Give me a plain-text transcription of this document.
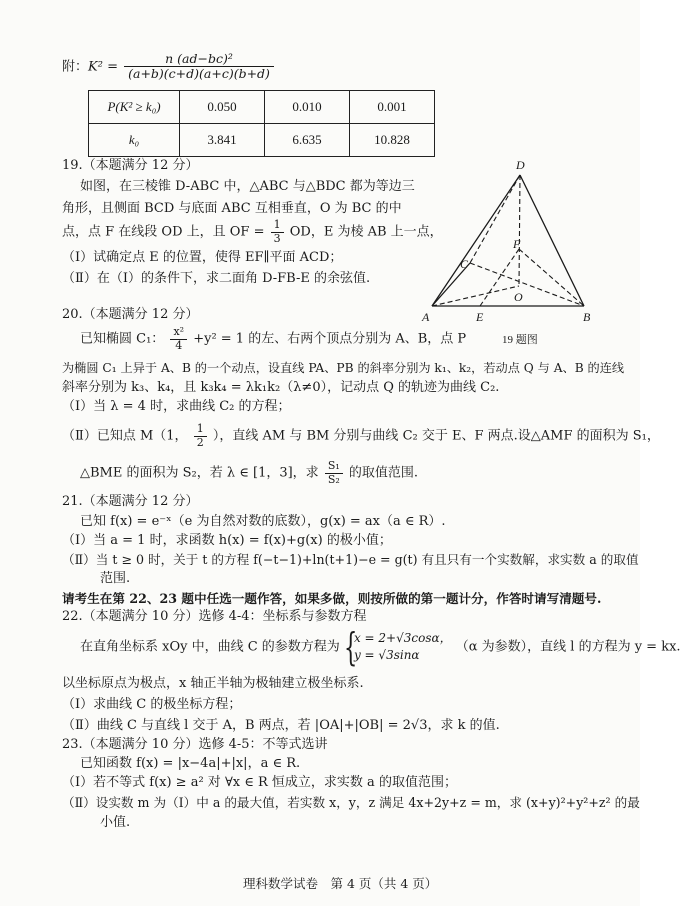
附：$K^2 = \frac{\text{n (ad−bc)²}}{(a+b)(c+d)(a+c)(b+d)}$
P(K² ≥ k₀)	0.050	0.010	0.001
k₀	3.841	6.635	10.828
19.（本题满分 12 分）
如图，在三棱锥 D-ABC 中，△ABC 与△BDC 都为等边三
角形，且侧面 BCD 与底面 ABC 互相垂直，O 为 BC 的中
点，点 F 在线段 OD 上，且 OF = $\frac{1}{3}$ OD，E 为棱 AB 上一点，
（Ⅰ）试确定点 E 的位置，使得 EF∥平面 ACD；
（Ⅱ）在（Ⅰ）的条件下，求二面角 D-FB-E 的余弦值.
D
C
F
O
A	E	B
19 题图
20.（本题满分 12 分）
已知椭圆 C₁： $\frac{\text{x²}}{4} +y^2 = 1$ 的左、右两个顶点分别为 A、B，点 P
为椭圆 C₁ 上异于 A、B 的一个动点，设直线 PA、PB 的斜率分别为 k₁、k₂，若动点 Q 与 A、B 的连线
斜率分别为 k₃、k₄，且 k₃k₄ = λk₁k₂（λ≠0），记动点 Q 的轨迹为曲线 C₂.
（Ⅰ）当 λ = 4 时，求曲线 C₂ 的方程；
（Ⅱ）已知点 M（1， $\frac{1}{2}$ ），直线 AM 与 BM 分别与曲线 C₂ 交于 E、F 两点.设△AMF 的面积为 S₁，
△BME 的面积为 S₂，若 λ ∈ [1，3]，求 $\frac{\text{S₁}}{\text{S₂}}$ 的取值范围.
21.（本题满分 12 分）
已知 f(x) = e⁻ˣ（e 为自然对数的底数），g(x) = ax（a ∈ R）.
（Ⅰ）当 a = 1 时，求函数 h(x) = f(x)+g(x) 的极小值；
（Ⅱ）当 t ≥ 0 时，关于 t 的方程 f(−t−1)+ln(t+1)−e = g(t) 有且只有一个实数解，求实数 a 的取值
范围.
请考生在第 22、23 题中任选一题作答，如果多做，则按所做的第一题计分，作答时请写清题号.
22.（本题满分 10 分）选修 4-4：坐标系与参数方程
在直角坐标系 xOy 中，曲线 C 的参数方程为 {
x = 2+√3cosα，
y = √3sinα
（α 为参数），直线 l 的方程为 y = kx.
以坐标原点为极点，x 轴正半轴为极轴建立极坐标系.
（Ⅰ）求曲线 C 的极坐标方程；
（Ⅱ）曲线 C 与直线 l 交于 A，B 两点，若 |OA|+|OB| = 2√3，求 k 的值.
23.（本题满分 10 分）选修 4-5：不等式选讲
已知函数 f(x) = |x−4a|+|x|，a ∈ R.
（Ⅰ）若不等式 f(x) ≥ a² 对 ∀x ∈ R 恒成立，求实数 a 的取值范围；
（Ⅱ）设实数 m 为（Ⅰ）中 a 的最大值，若实数 x，y，z 满足 4x+2y+z = m，求 (x+y)²+y²+z² 的最
小值.
理科数学试卷　第 4 页（共 4 页）
